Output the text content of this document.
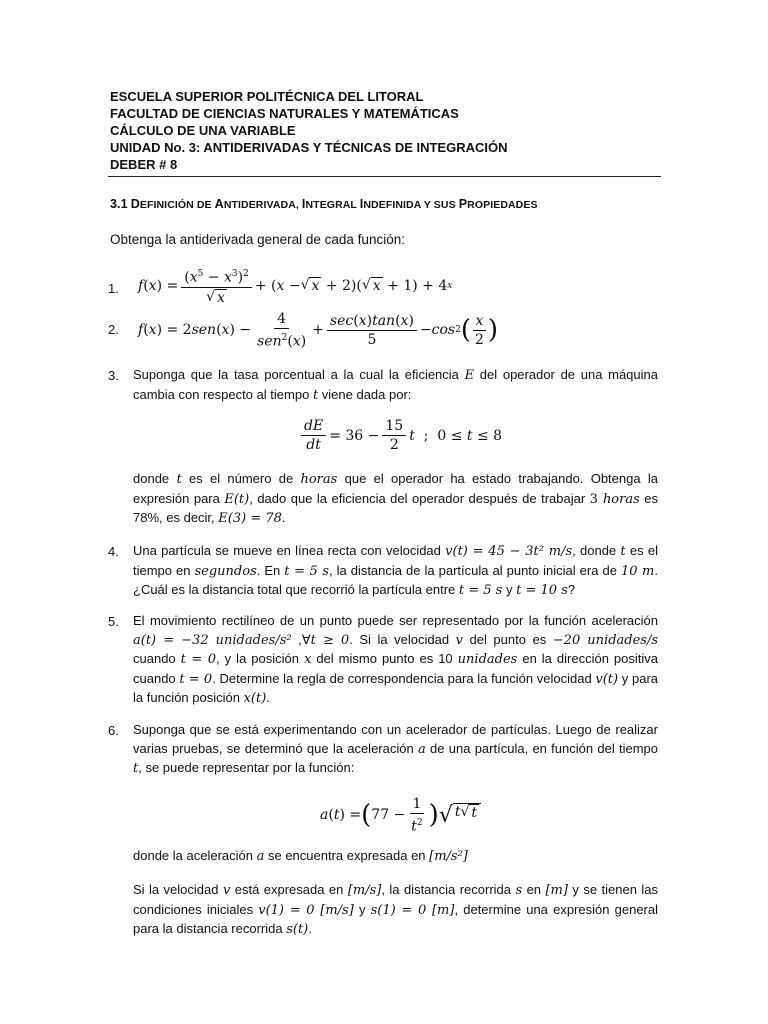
ESCUELA SUPERIOR POLITÉCNICA DEL LITORAL
FACULTAD DE CIENCIAS NATURALES Y MATEMÁTICAS
CÁLCULO DE UNA VARIABLE
UNIDAD No. 3: ANTIDERIVADAS Y TÉCNICAS DE INTEGRACIÓN
DEBER # 8
3.1 DEFINICIÓN DE ANTIDERIVADA, INTEGRAL INDEFINIDA Y SUS PROPIEDADES
Obtenga la antiderivada general de cada función:
1. f ( x ) = $\frac{(x^5 - x^3)^2}{√ x}$ + ( x − √ x + 2)( √ x + 1) + 4 x
2. f ( x ) = 2 sen ( x ) − $\frac{4}{sen^2(x)} + \frac{\sec(x)\tan(x)}{5} - \cos 2$ ( $\frac{x}{2}$ )
3. Suponga que la tasa porcentual a la cual la eficiencia E del operador de una máquina cambia con respecto al tiempo t viene dada por:
$\frac{dE}{dt} = 36 - \frac{15}{2}$ t ;  0 ≤ t ≤ 8
donde t es el número de horas que el operador ha estado trabajando. Obtenga la expresión para E(t), dado que la eficiencia del operador después de trabajar 3 horas es 78%, es decir, E(3) = 78.
4. Una partícula se mueve en línea recta con velocidad v(t) = 45 − 3t² m/s, donde t es el tiempo en segundos. En t = 5 s, la distancia de la partícula al punto inicial era de 10 m. ¿Cuál es la distancia total que recorrió la partícula entre t = 5 s y t = 10 s?
5. El movimiento rectilíneo de un punto puede ser representado por la función aceleración a(t) = −32 unidades/s² ,∀t ≥ 0. Si la velocidad v del punto es −20 unidades/s cuando t = 0, y la posición x del mismo punto es 10 unidades en la dirección positiva cuando t = 0. Determine la regla de correspondencia para la función velocidad v(t) y para la función posición x(t).
6. Suponga que se está experimentando con un acelerador de partículas. Luego de realizar varias pruebas, se determinó que la aceleración a de una partícula, en función del tiempo t, se puede representar por la función:
a ( t ) = ( $77 - \frac{1}{t^2}$ ) √ t √ t
donde la aceleración a se encuentra expresada en [m/s²]
Si la velocidad v está expresada en [m/s], la distancia recorrida s en [m] y se tienen las condiciones iniciales v(1) = 0 [m/s] y s(1) = 0 [m], determine una expresión general para la distancia recorrida s(t).
